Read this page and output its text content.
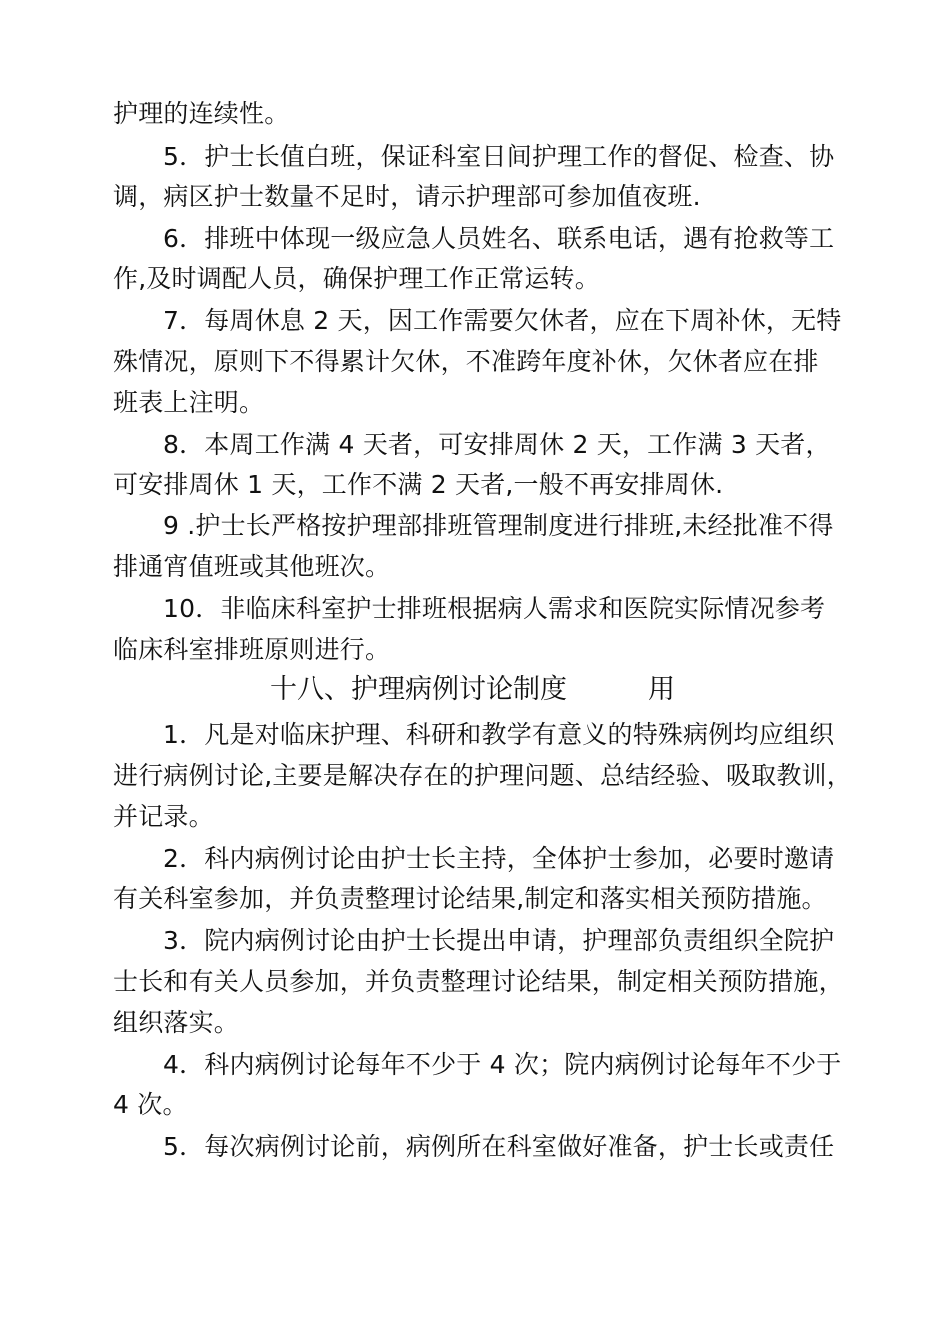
护理的连续性。
5．护士长值白班，保证科室日间护理工作的督促、检查、协
调，病区护士数量不足时，请示护理部可参加值夜班.
6．排班中体现一级应急人员姓名、联系电话，遇有抢救等工
作,及时调配人员，确保护理工作正常运转。
7．每周休息 2 天，因工作需要欠休者，应在下周补休，无特
殊情况，原则下不得累计欠休，不准跨年度补休，欠休者应在排
班表上注明。
8．本周工作满 4 天者，可安排周休 2 天，工作满 3 天者，
可安排周休 1 天，工作不满 2 天者,一般不再安排周休.
9 .护士长严格按护理部排班管理制度进行排班,未经批准不得
排通宵值班或其他班次。
10．非临床科室护士排班根据病人需求和医院实际情况参考
临床科室排班原则进行。
十八、护理病例讨论制度	用
1．凡是对临床护理、科研和教学有意义的特殊病例均应组织
进行病例讨论,主要是解决存在的护理问题、总结经验、吸取教训，
并记录。
2．科内病例讨论由护士长主持，全体护士参加，必要时邀请
有关科室参加，并负责整理讨论结果,制定和落实相关预防措施。
3．院内病例讨论由护士长提出申请，护理部负责组织全院护
士长和有关人员参加，并负责整理讨论结果，制定相关预防措施，
组织落实。
4．科内病例讨论每年不少于 4 次；院内病例讨论每年不少于
4 次。
5．每次病例讨论前，病例所在科室做好准备，护士长或责任
